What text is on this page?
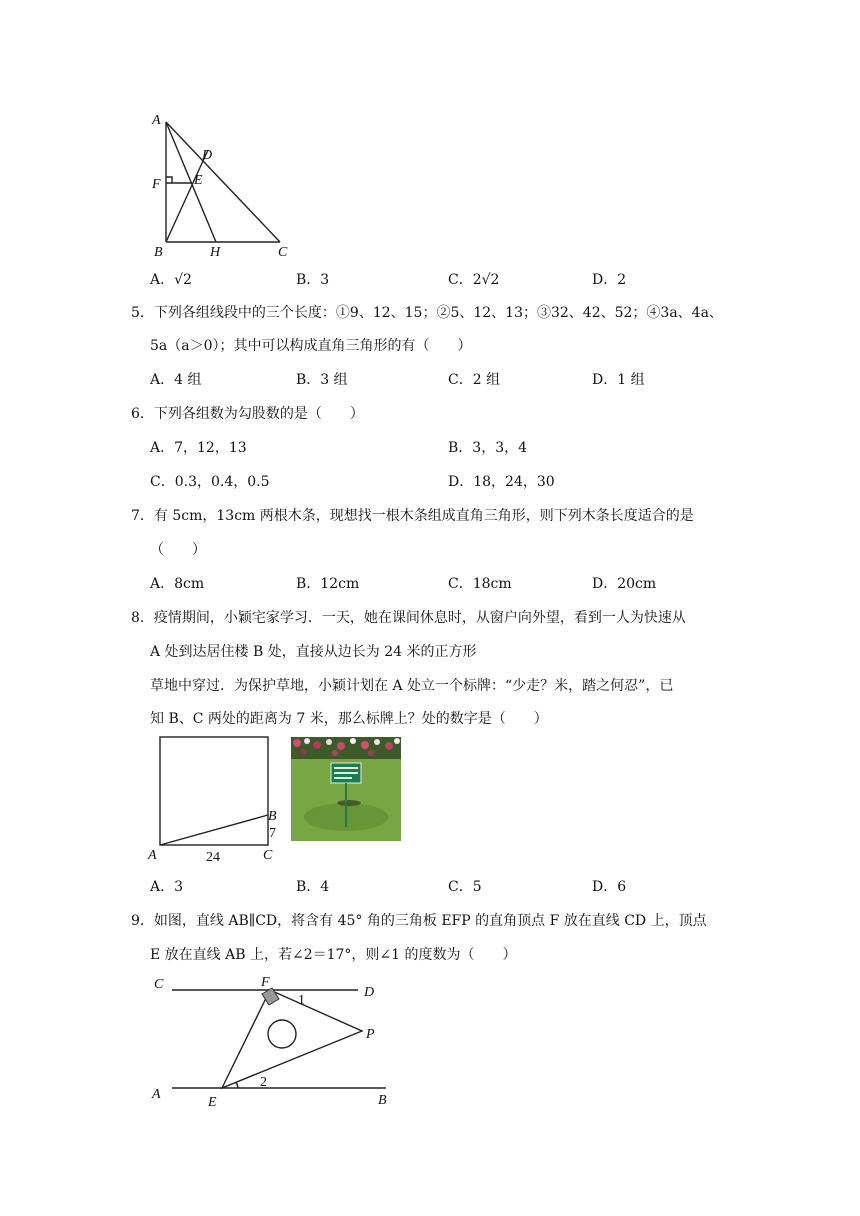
A
D
E
F
B	H	C
A．√2	B．3	C．2√2	D．2
5．下列各组线段中的三个长度：①9、12、15；②5、12、13；③32、42、52；④3a、4a、
5a（a＞0）；其中可以构成直角三角形的有（　　）
A．4 组	B．3 组	C．2 组	D．1 组
6．下列各组数为勾股数的是（　　）
A．7，12，13	B．3，3，4
C．0.3，0.4，0.5	D．18，24，30
7．有 5cm，13cm 两根木条，现想找一根木条组成直角三角形，则下列木条长度适合的是
（　　）
A．8cm	B．12cm	C．18cm	D．20cm
8．疫情期间，小颖宅家学习．一天，她在课间休息时，从窗户向外望，看到一人为快速从
A 处到达居住楼 B 处，直接从边长为 24 米的正方形
草地中穿过．为保护草地，小颖计划在 A 处立一个标牌：“少走？米，踏之何忍”，已
知 B、C 两处的距离为 7 米，那么标牌上？处的数字是（　　）
A
B
C
24
7
A．3	B．4	C．5	D．6
9．如图，直线 AB∥CD，将含有 45° 角的三角板 EFP 的直角顶点 F 放在直线 CD 上，顶点
E 放在直线 AB 上，若∠2＝17°，则∠1 的度数为（　　）
C	F
D
1
P
2
A
E	B
